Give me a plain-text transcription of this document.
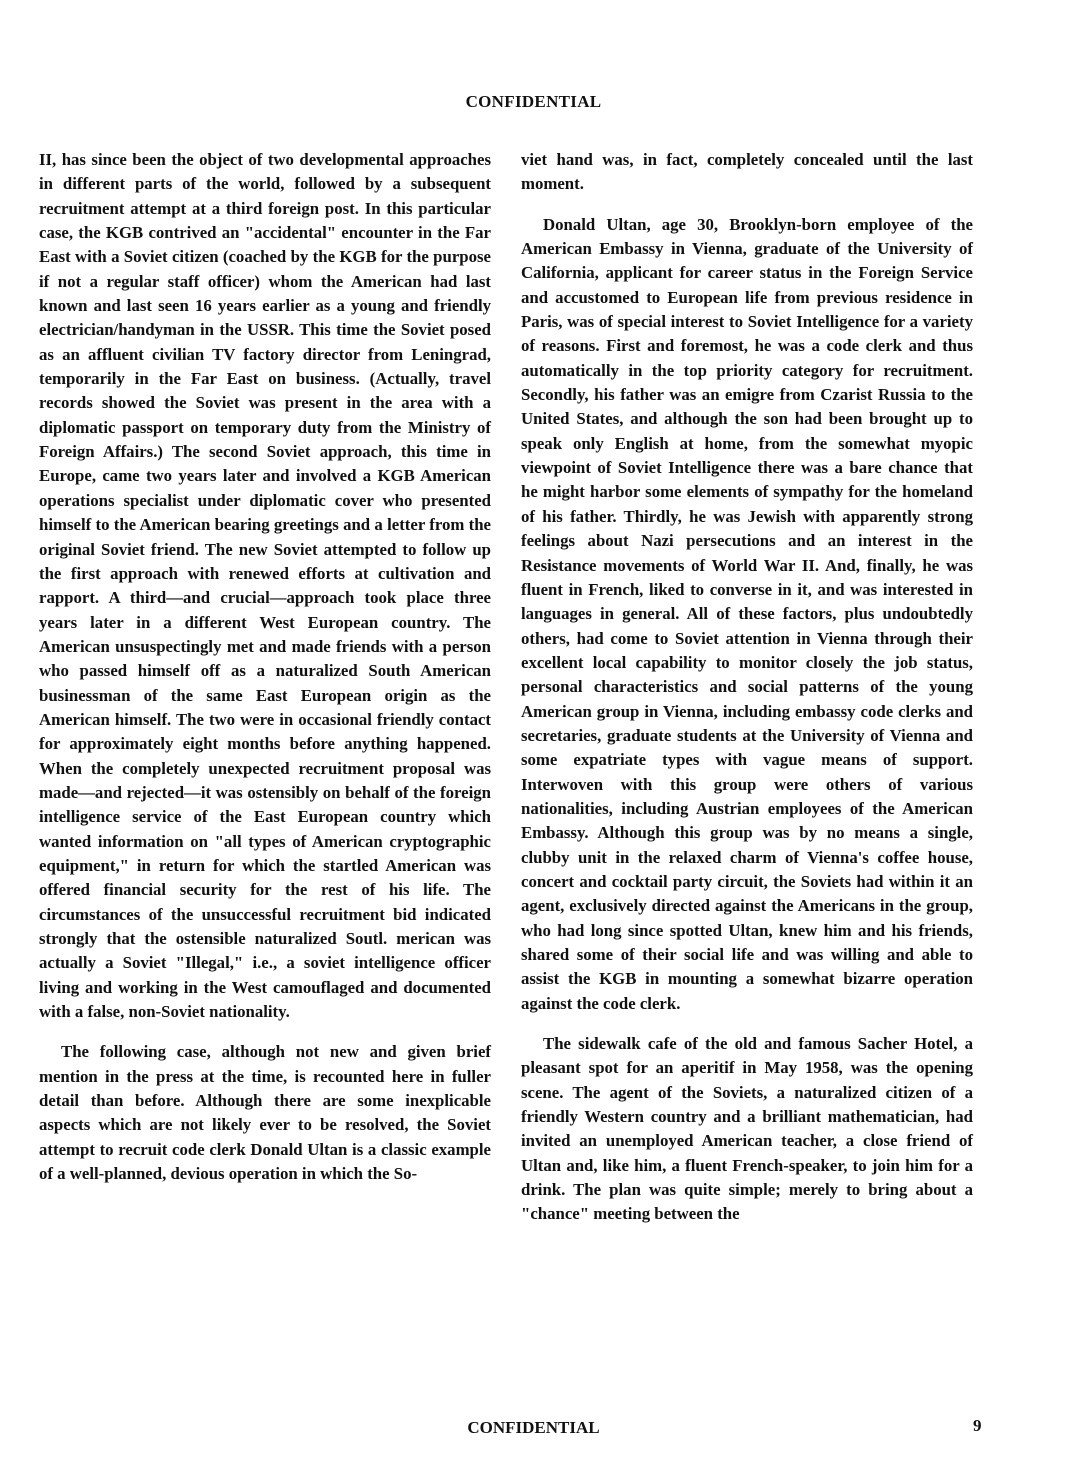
CONFIDENTIAL

II, has since been the object of two developmental approaches in different parts of the world, followed by a subsequent recruitment attempt at a third foreign post. In this particular case, the KGB contrived an "accidental" encounter in the Far East with a Soviet citizen (coached by the KGB for the purpose if not a regular staff officer) whom the American had last known and last seen 16 years earlier as a young and friendly electrician/handyman in the USSR. This time the Soviet posed as an affluent civilian TV factory director from Leningrad, temporarily in the Far East on business. (Actually, travel records showed the Soviet was present in the area with a diplomatic passport on temporary duty from the Ministry of Foreign Affairs.) The second Soviet approach, this time in Europe, came two years later and involved a KGB American operations specialist under diplomatic cover who presented himself to the American bearing greetings and a letter from the original Soviet friend. The new Soviet attempted to follow up the first approach with renewed efforts at cultivation and rapport. A third—and crucial—approach took place three years later in a different West European country. The American unsuspectingly met and made friends with a person who passed himself off as a naturalized South American businessman of the same East European origin as the American himself. The two were in occasional friendly contact for approximately eight months before anything happened. When the completely unexpected recruitment proposal was made—and rejected—it was ostensibly on behalf of the foreign intelligence service of the East European country which wanted information on "all types of American cryptographic equipment," in return for which the startled American was offered financial security for the rest of his life. The circumstances of the unsuccessful recruitment bid indicated strongly that the ostensible naturalized Soutl. merican was actually a Soviet "Illegal," i.e., a soviet intelligence officer living and working in the West camouflaged and documented with a false, non-Soviet nationality.

The following case, although not new and given brief mention in the press at the time, is recounted here in fuller detail than before. Although there are some inexplicable aspects which are not likely ever to be resolved, the Soviet attempt to recruit code clerk Donald Ultan is a classic example of a well-planned, devious operation in which the So-

viet hand was, in fact, completely concealed until the last moment.

Donald Ultan, age 30, Brooklyn-born employee of the American Embassy in Vienna, graduate of the University of California, applicant for career status in the Foreign Service and accustomed to European life from previous residence in Paris, was of special interest to Soviet Intelligence for a variety of reasons. First and foremost, he was a code clerk and thus automatically in the top priority category for recruitment. Secondly, his father was an emigre from Czarist Russia to the United States, and although the son had been brought up to speak only English at home, from the somewhat myopic viewpoint of Soviet Intelligence there was a bare chance that he might harbor some elements of sympathy for the homeland of his father. Thirdly, he was Jewish with apparently strong feelings about Nazi persecutions and an interest in the Resistance movements of World War II. And, finally, he was fluent in French, liked to converse in it, and was interested in languages in general. All of these factors, plus undoubtedly others, had come to Soviet attention in Vienna through their excellent local capability to monitor closely the job status, personal characteristics and social patterns of the young American group in Vienna, including embassy code clerks and secretaries, graduate students at the University of Vienna and some expatriate types with vague means of support. Interwoven with this group were others of various nationalities, including Austrian employees of the American Embassy. Although this group was by no means a single, clubby unit in the relaxed charm of Vienna's coffee house, concert and cocktail party circuit, the Soviets had within it an agent, exclusively directed against the Americans in the group, who had long since spotted Ultan, knew him and his friends, shared some of their social life and was willing and able to assist the KGB in mounting a somewhat bizarre operation against the code clerk.

The sidewalk cafe of the old and famous Sacher Hotel, a pleasant spot for an aperitif in May 1958, was the opening scene. The agent of the Soviets, a naturalized citizen of a friendly Western country and a brilliant mathematician, had invited an unemployed American teacher, a close friend of Ultan and, like him, a fluent French-speaker, to join him for a drink. The plan was quite simple; merely to bring about a "chance" meeting between the

CONFIDENTIAL	9
